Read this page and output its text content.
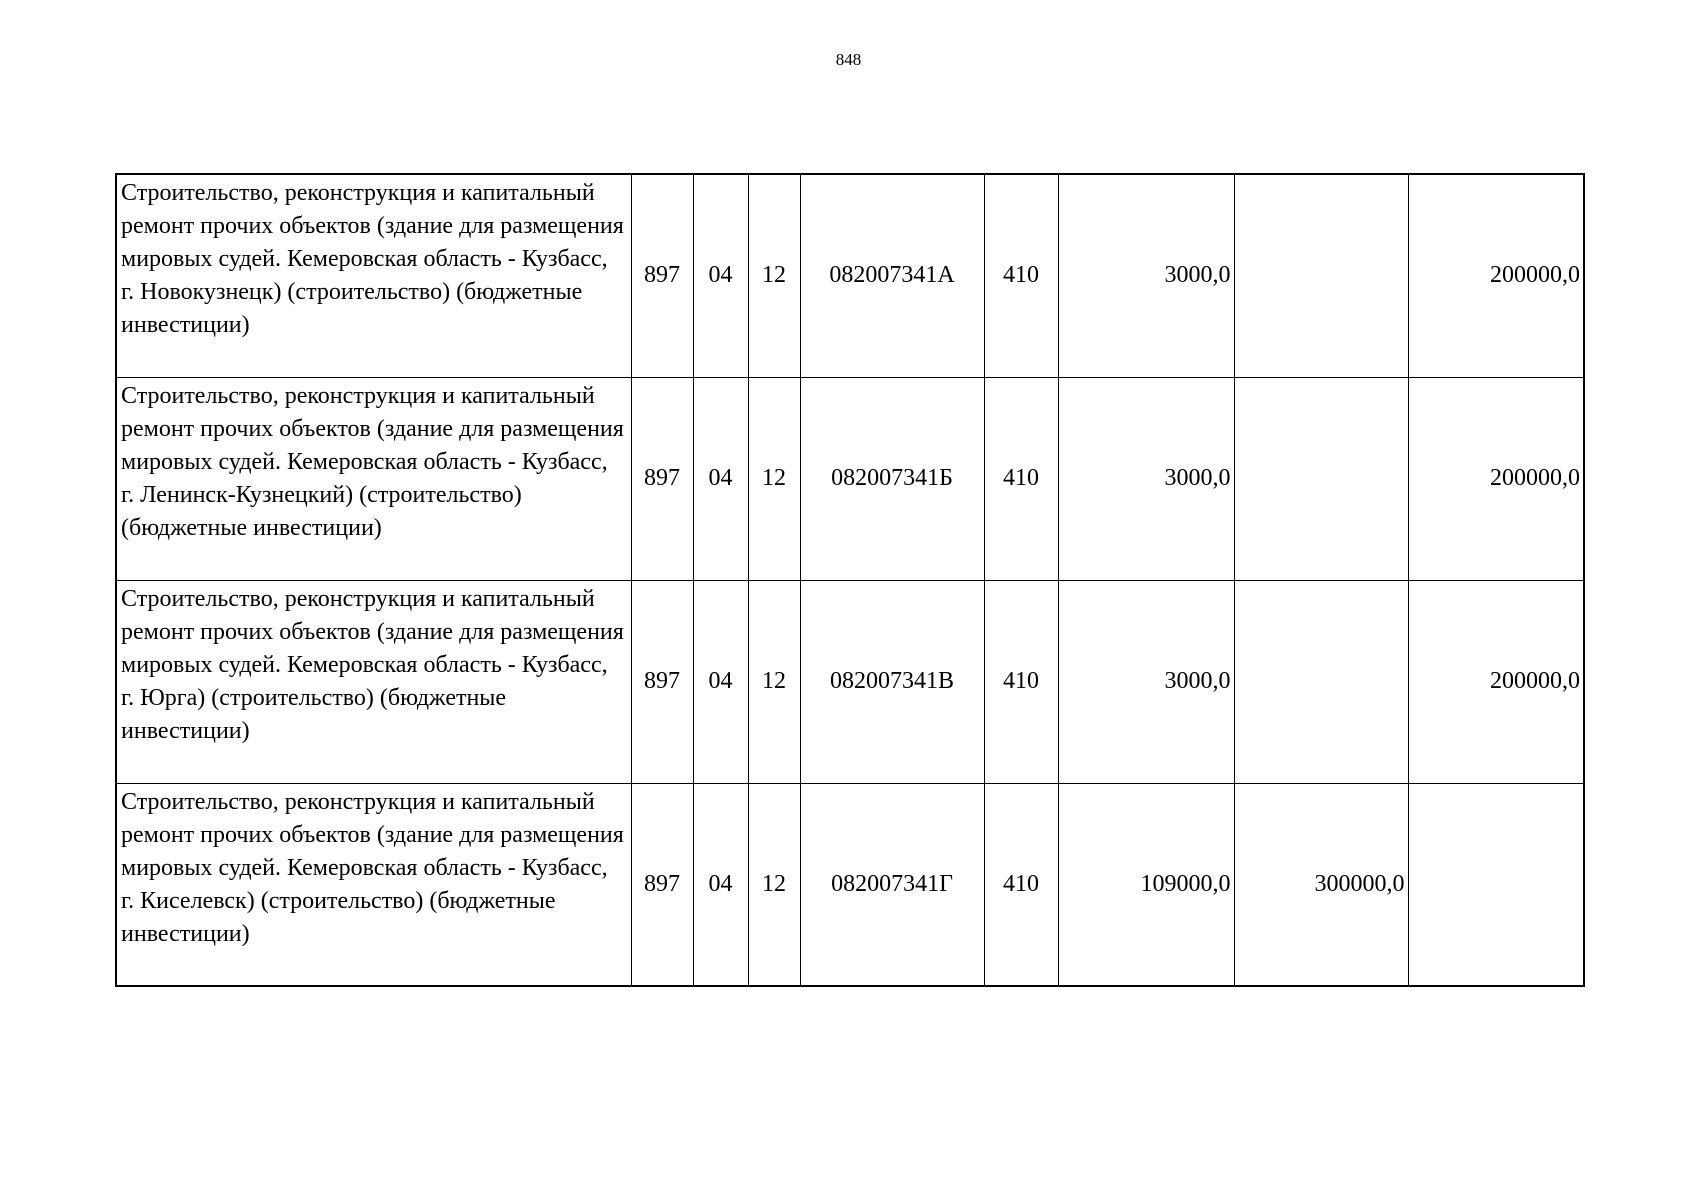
848
Строительство, реконструкция и капитальный ремонт прочих объектов (здание для размещения мировых судей. Кемеровская область - Кузбасс, г. Новокузнецк) (строительство) (бюджетные инвестиции)	897	04	12	082007341А	410	3000,0		200000,0
Строительство, реконструкция и капитальный ремонт прочих объектов (здание для размещения мировых судей. Кемеровская область - Кузбасс, г. Ленинск-Кузнецкий) (строительство) (бюджетные инвестиции)	897	04	12	082007341Б	410	3000,0		200000,0
Строительство, реконструкция и капитальный ремонт прочих объектов (здание для размещения мировых судей. Кемеровская область - Кузбасс, г. Юрга) (строительство) (бюджетные инвестиции)	897	04	12	082007341В	410	3000,0		200000,0
Строительство, реконструкция и капитальный ремонт прочих объектов (здание для размещения мировых судей. Кемеровская область - Кузбасс, г. Киселевск) (строительство) (бюджетные инвестиции)	897	04	12	082007341Г	410	109000,0	300000,0	
